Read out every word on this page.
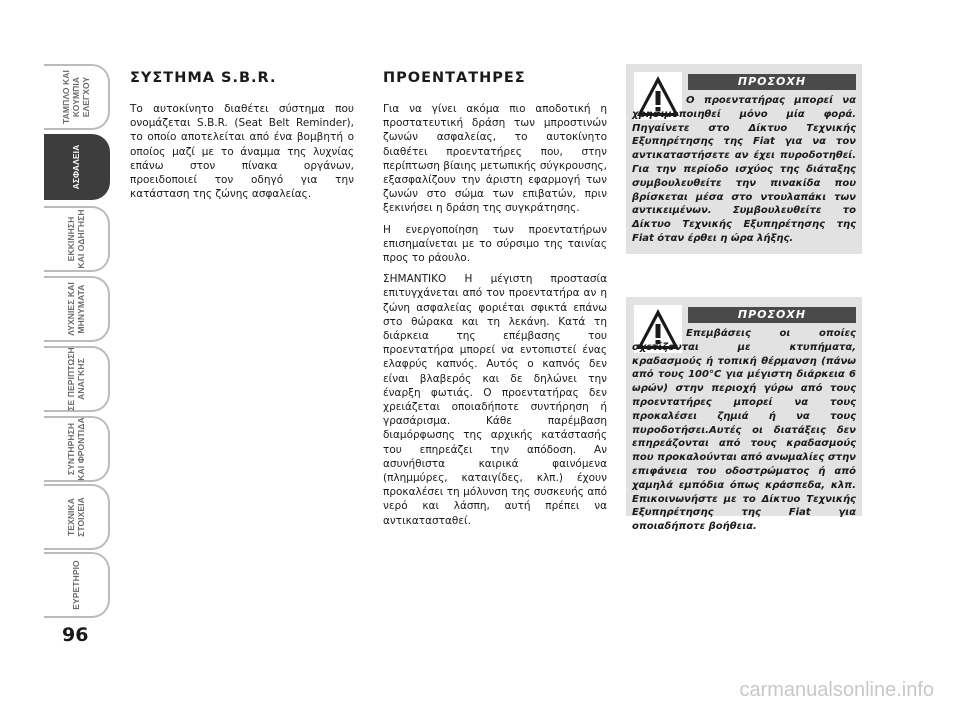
ΤΑΜΠΛΟ ΚΑΙ
ΚΟΥΜΠΙΑ
ΕΛΕΓΧΟΥ
ΑΣΦΑΛΕΙΑ
ΕΚΚΙΝΗΣΗ
ΚΑΙ ΟΔΗΓΗΣΗ
ΛΥΧΝΙΕΣ ΚΑΙ
ΜΗΝΥΜΑΤΑ
ΣΕ ΠΕΡΙΠΤΩΣΗ
ΑΝΑΓΚΗΣ
ΣΥΝΤΗΡΗΣΗ
ΚΑΙ ΦΡΟΝΤΙΔΑ
ΤΕΧΝΙΚΑ
ΣΤΟΙΧΕΙΑ
ΕΥΡΕΤΗΡΙΟ
96
ΣΥΣΤΗΜΑ S.B.R.

Το αυτοκίνητο διαθέτει σύστημα που ονομάζεται S.B.R. (Seat Belt Reminder), το οποίο αποτελείται από ένα βομβητή ο οποίος μαζί με το άναμμα της λυχνίας επάνω στον πίνακα οργάνων, προειδοποιεί τον οδηγό για την κατάσταση της ζώνης ασφαλείας.

ΠΡΟΕΝΤΑΤΗΡΕΣ

Για να γίνει ακόμα πιο αποδοτική η προστατευτική δράση των μπροστινών ζωνών ασφαλείας, το αυτοκίνητο διαθέτει προεντατήρες που, στην περίπτωση βίαιης μετωπικής σύγκρουσης, εξασφαλίζουν την άριστη εφαρμογή των ζωνών στο σώμα των επιβατών, πριν ξεκινήσει η δράση της συγκράτησης.

Η ενεργοποίηση των προεντατήρων επισημαίνεται με το σύρσιμο της ταινίας προς το ράουλο.

ΣΗΜΑΝΤΙΚΟ Η μέγιστη προστασία επιτυγχάνεται από τον προεντατήρα αν η ζώνη ασφαλείας φοριέται σφικτά επάνω στο θώρακα και τη λεκάνη. Κατά τη διάρκεια της επέμβασης του προεντατήρα μπορεί να εντοπιστεί ένας ελαφρύς καπνός. Αυτός ο καπνός δεν είναι βλαβερός και δε δηλώνει την έναρξη φωτιάς. Ο προεντατήρας δεν χρειάζεται οποιαδήποτε συντήρηση ή γρασάρισμα. Κάθε παρέμβαση διαμόρφωσης της αρχικής κατάστασής του επηρεάζει την απόδοση. Αν ασυνήθιστα καιρικά φαινόμενα (πλημμύρες, καταιγίδες, κλπ.) έχουν προκαλέσει τη μόλυνση της συσκευής από νερό και λάσπη, αυτή πρέπει να αντικατασταθεί.

ΠΡΟΣΟΧΗ
Ο προεντατήρας μπορεί να χρησιμοποιηθεί μόνο μία φορά. Πηγαίνετε στο Δίκτυο Τεχνικής Εξυπηρέτησης της Fiat για να τον αντικαταστήσετε αν έχει πυροδοτηθεί. Για την περίοδο ισχύος της διάταξης συμβουλευθείτε την πινακίδα που βρίσκεται μέσα στο ντουλαπάκι των αντικειμένων. Συμβουλευθείτε το Δίκτυο Τεχνικής Εξυπηρέτησης της Fiat όταν έρθει η ώρα λήξης.
ΠΡΟΣΟΧΗ
Επεμβάσεις οι οποίες σχετίζονται με κτυπήματα, κραδασμούς ή τοπική θέρμανση (πάνω από τους 100°C για μέγιστη διάρκεια 6 ωρών) στην περιοχή γύρω από τους προεντατήρες μπορεί να τους προκαλέσει ζημιά ή να τους πυροδοτήσει.Αυτές οι διατάξεις δεν επηρεάζονται από τους κραδασμούς που προκαλούνται από ανωμαλίες στην επιφάνεια του οδοστρώματος ή από χαμηλά εμπόδια όπως κράσπεδα, κλπ. Επικοινωνήστε με το Δίκτυο Τεχνικής Εξυπηρέτησης της Fiat για οποιαδήποτε βοήθεια.
carmanualsonline.info
